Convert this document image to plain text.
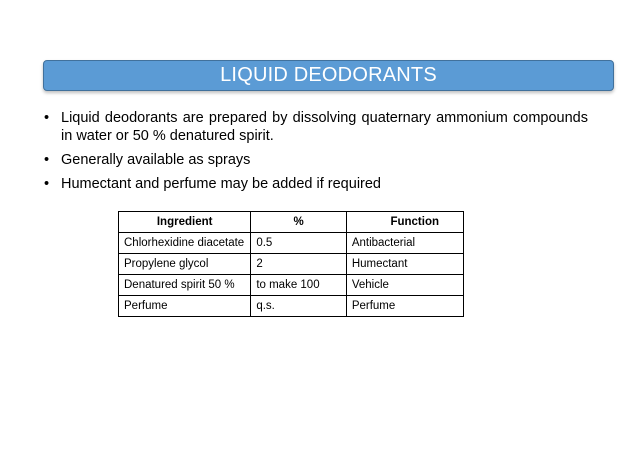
LIQUID DEODORANTS
• Liquid deodorants are prepared by dissolving quaternary ammonium compounds in water or 50 % denatured spirit.
• Generally available as sprays
• Humectant and perfume may be added if required
Ingredient	%	Function
Chlorhexidine diacetate	0.5	Antibacterial
Propylene glycol	2	Humectant
Denatured spirit 50 %	to make 100	Vehicle
Perfume	q.s.	Perfume
